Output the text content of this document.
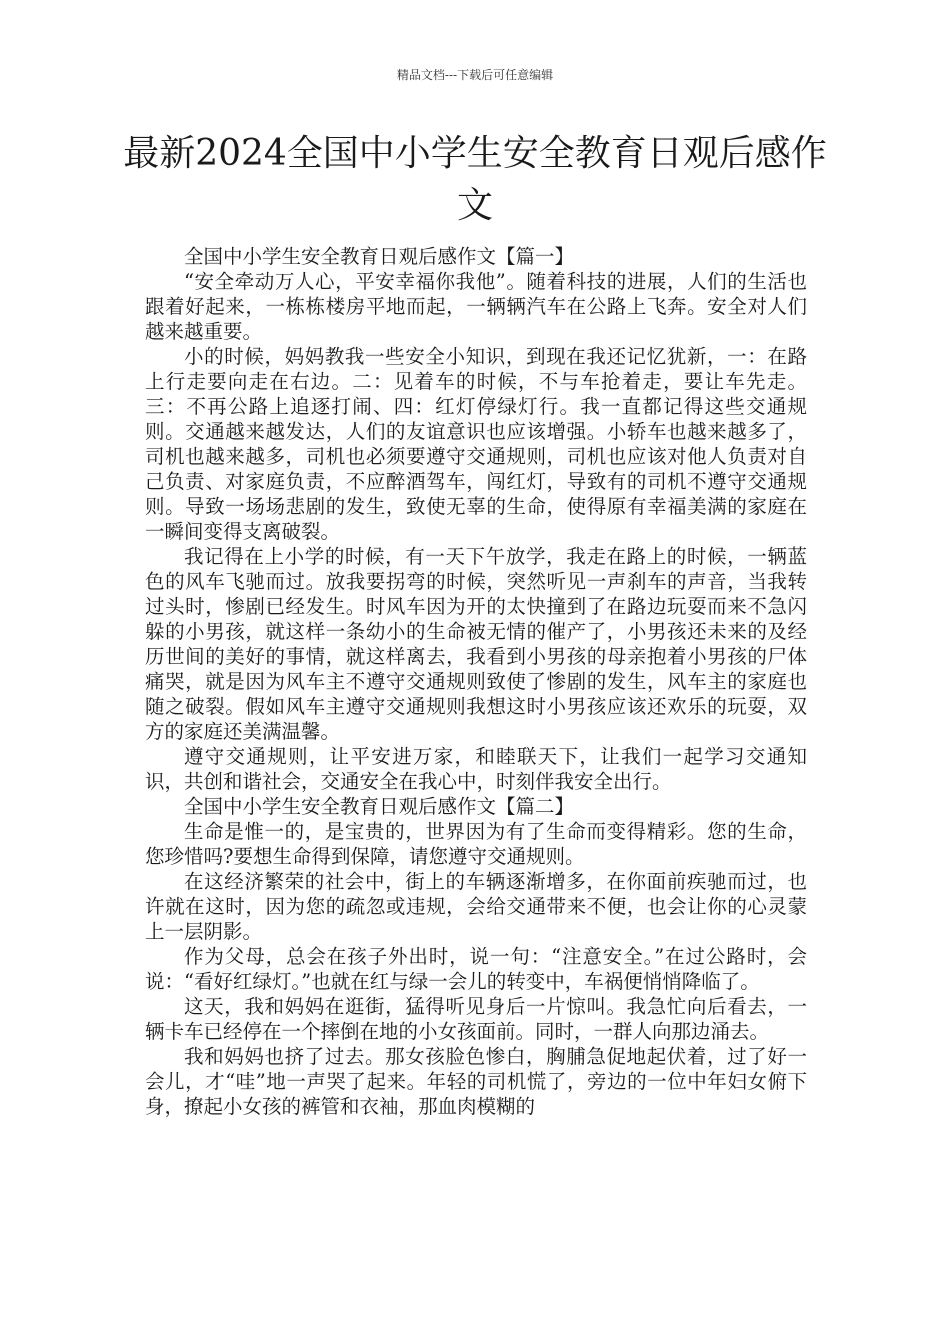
精品文档---下载后可任意编辑
最新2024全国中小学生安全教育日观后感作文

全国中小学生安全教育日观后感作文【篇一】

“安全牵动万人心，平安幸福你我他”。随着科技的进展，人们的生活也跟着好起来，一栋栋楼房平地而起，一辆辆汽车在公路上飞奔。安全对人们越来越重要。

小的时候，妈妈教我一些安全小知识，到现在我还记忆犹新，一：在路上行走要向走在右边。二：见着车的时候，不与车抢着走，要让车先走。三：不再公路上追逐打闹、四：红灯停绿灯行。我一直都记得这些交通规则。交通越来越发达，人们的友谊意识也应该增强。小轿车也越来越多了，司机也越来越多，司机也必须要遵守交通规则，司机也应该对他人负责对自己负责、对家庭负责，不应醉酒驾车，闯红灯，导致有的司机不遵守交通规则。导致一场场悲剧的发生，致使无辜的生命，使得原有幸福美满的家庭在一瞬间变得支离破裂。

我记得在上小学的时候，有一天下午放学，我走在路上的时候，一辆蓝色的风车飞驰而过。放我要拐弯的时候，突然听见一声刹车的声音，当我转过头时，惨剧已经发生。时风车因为开的太快撞到了在路边玩耍而来不急闪躲的小男孩，就这样一条幼小的生命被无情的催产了，小男孩还未来的及经历世间的美好的事情，就这样离去，我看到小男孩的母亲抱着小男孩的尸体痛哭，就是因为风车主不遵守交通规则致使了惨剧的发生，风车主的家庭也随之破裂。假如风车主遵守交通规则我想这时小男孩应该还欢乐的玩耍，双方的家庭还美满温馨。

遵守交通规则，让平安进万家，和睦联天下，让我们一起学习交通知识，共创和谐社会，交通安全在我心中，时刻伴我安全出行。

全国中小学生安全教育日观后感作文【篇二】

生命是惟一的，是宝贵的，世界因为有了生命而变得精彩。您的生命，您珍惜吗?要想生命得到保障，请您遵守交通规则。

在这经济繁荣的社会中，街上的车辆逐渐增多，在你面前疾驰而过，也许就在这时，因为您的疏忽或违规，会给交通带来不便，也会让你的心灵蒙上一层阴影。

作为父母，总会在孩子外出时，说一句：“注意安全。”在过公路时，会说：“看好红绿灯。”也就在红与绿一会儿的转变中，车祸便悄悄降临了。

这天，我和妈妈在逛街，猛得听见身后一片惊叫。我急忙向后看去，一辆卡车已经停在一个摔倒在地的小女孩面前。同时，一群人向那边涌去。

我和妈妈也挤了过去。那女孩脸色惨白，胸脯急促地起伏着，过了好一会儿，才“哇”地一声哭了起来。年轻的司机慌了，旁边的一位中年妇女俯下身，撩起小女孩的裤管和衣袖，那血肉模糊的
